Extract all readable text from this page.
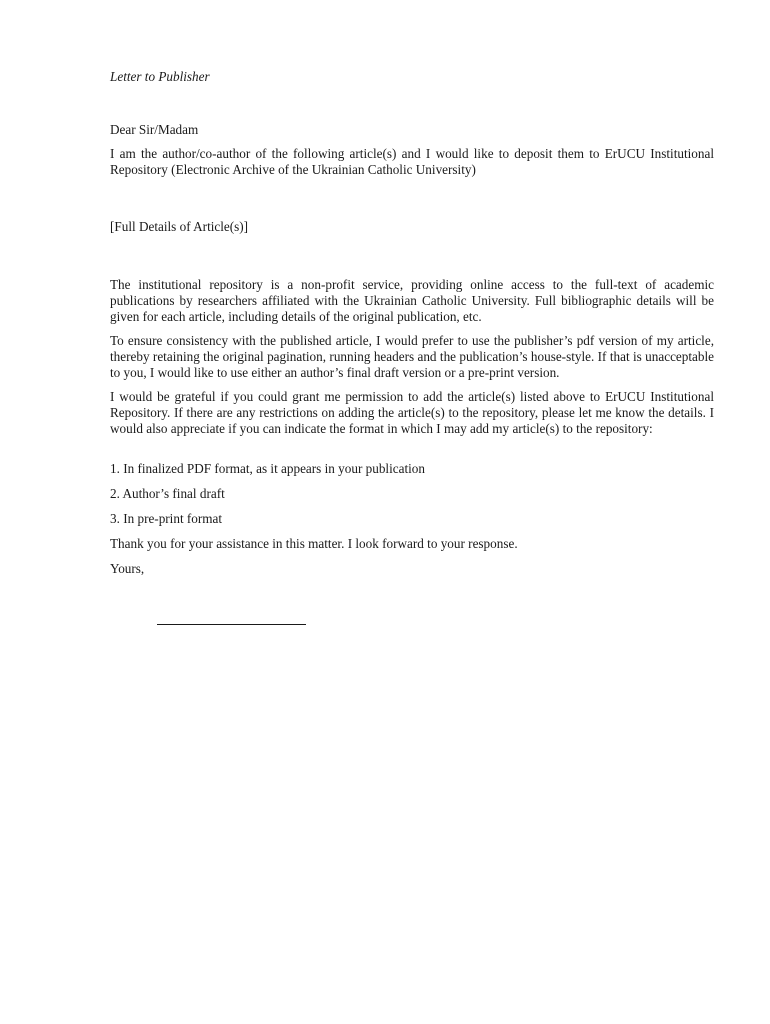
Letter to Publisher

Dear Sir/Madam

I am the author/co-author of the following article(s) and I would like to deposit them to ErUCU Institutional Repository (Electronic Archive of the Ukrainian Catholic University)

[Full Details of Article(s)]

The institutional repository is a non-profit service, providing online access to the full-text of academic publications by researchers affiliated with the Ukrainian Catholic University. Full bibliographic details will be given for each article, including details of the original publication, etc.

To ensure consistency with the published article, I would prefer to use the publisher’s pdf version of my article, thereby retaining the original pagination, running headers and the publication’s house-style. If that is unacceptable to you, I would like to use either an author’s final draft version or a pre-print version.

I would be grateful if you could grant me permission to add the article(s) listed above to ErUCU Institutional Repository. If there are any restrictions on adding the article(s) to the repository, please let me know the details. I would also appreciate if you can indicate the format in which I may add my article(s) to the repository:

1. In finalized PDF format, as it appears in your publication

2. Author’s final draft

3. In pre-print format

Thank you for your assistance in this matter. I look forward to your response.

Yours,
